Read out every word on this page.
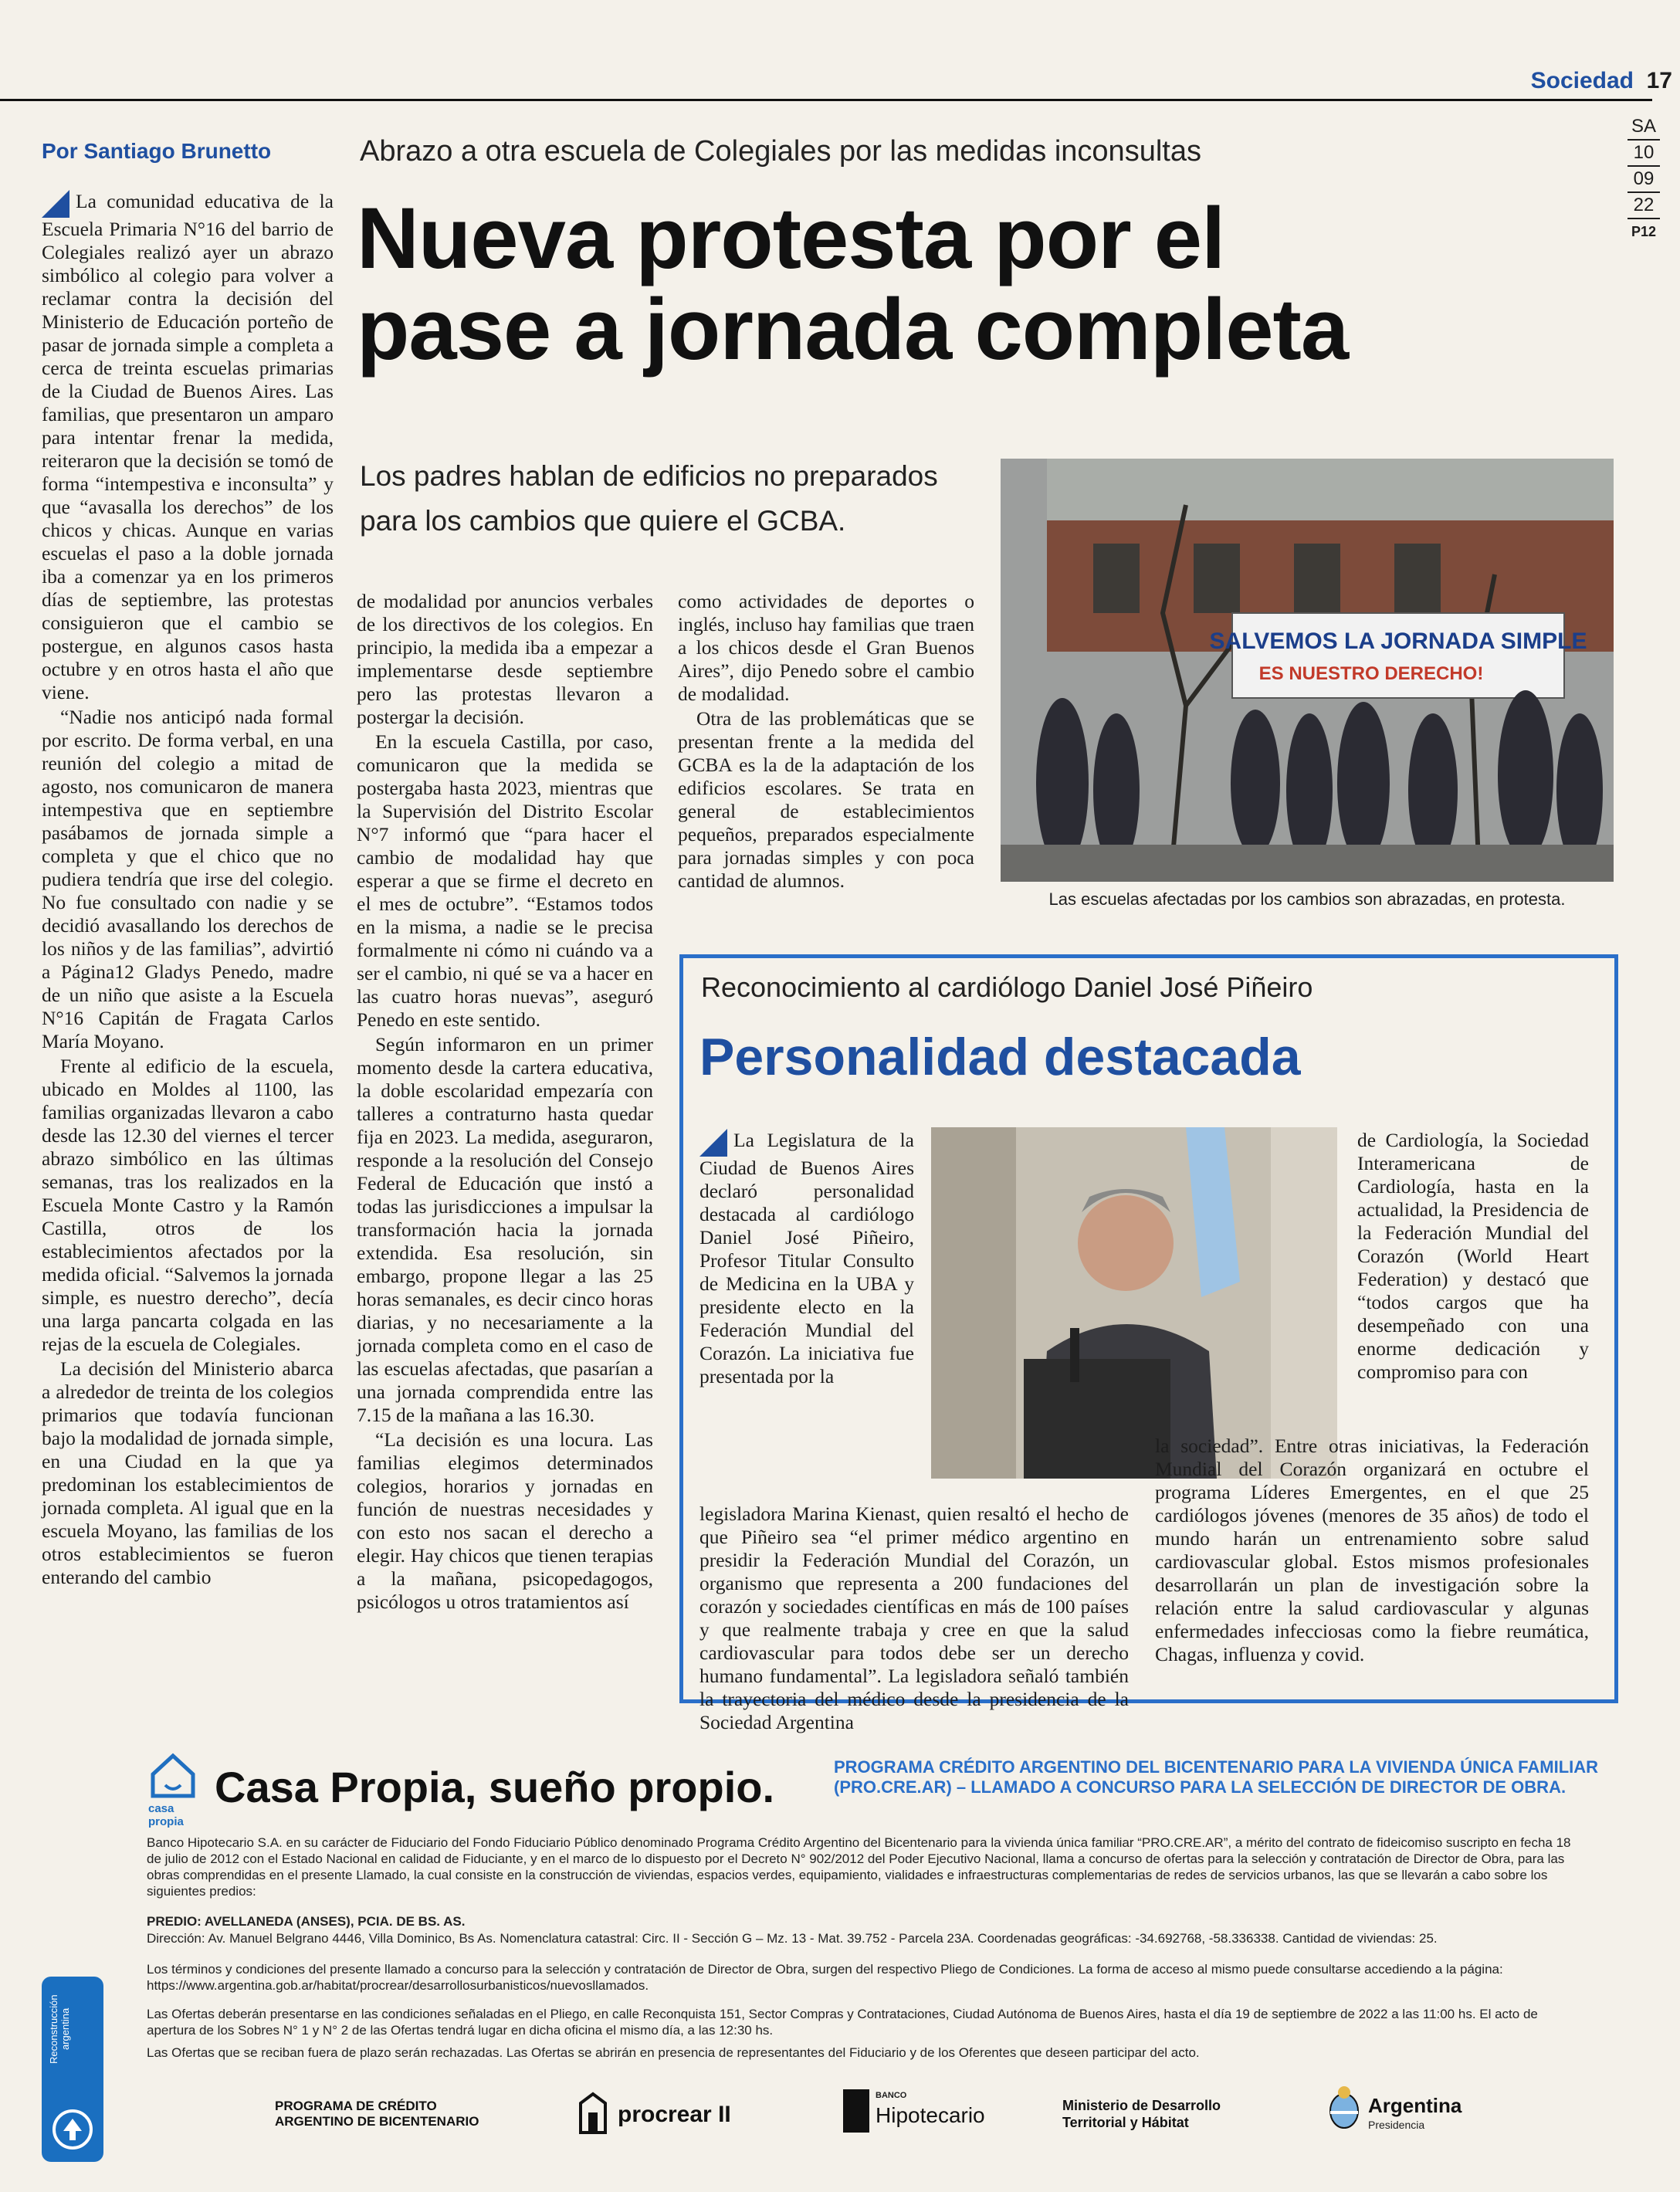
Sociedad 17
SA
10
09
22
P12
Por Santiago Brunetto	Abrazo a otra escuela de Colegiales por las medidas inconsultas
Nueva protesta por el
pase a jornada completa
Los padres hablan de edificios no preparados
para los cambios que quiere el GCBA.

La comunidad educativa de la Escuela Primaria N°16 del barrio de Colegiales realizó ayer un abrazo simbólico al colegio para volver a reclamar contra la decisión del Ministerio de Educación porteño de pasar de jornada simple a completa a cerca de treinta escuelas primarias de la Ciudad de Buenos Aires. Las familias, que presentaron un amparo para intentar frenar la medida, reiteraron que la decisión se tomó de forma “intempestiva e inconsulta” y que “avasalla los derechos” de los chicos y chicas. Aunque en varias escuelas el paso a la doble jornada iba a comenzar ya en los primeros días de septiembre, las protestas consiguieron que el cambio se postergue, en algunos casos hasta octubre y en otros hasta el año que viene.

“Nadie nos anticipó nada formal por escrito. De forma verbal, en una reunión del colegio a mitad de agosto, nos comunicaron de manera intempestiva que en septiembre pasábamos de jornada simple a completa y que el chico que no pudiera tendría que irse del colegio. No fue consultado con nadie y se decidió avasallando los derechos de los niños y de las familias”, advirtió a Página12 Gladys Penedo, madre de un niño que asiste a la Escuela N°16 Capitán de Fragata Carlos María Moyano.

Frente al edificio de la escuela, ubicado en Moldes al 1100, las familias organizadas llevaron a cabo desde las 12.30 del viernes el tercer abrazo simbólico en las últimas semanas, tras los realizados en la Escuela Monte Castro y la Ramón Castilla, otros de los establecimientos afectados por la medida oficial. “Salvemos la jornada simple, es nuestro derecho”, decía una larga pancarta colgada en las rejas de la escuela de Colegiales.

La decisión del Ministerio abarca a alrededor de treinta de los colegios primarios que todavía funcionan bajo la modalidad de jornada simple, en una Ciudad en la que ya predominan los establecimientos de jornada completa. Al igual que en la escuela Moyano, las familias de los otros establecimientos se fueron enterando del cambio

de modalidad por anuncios verbales de los directivos de los colegios. En principio, la medida iba a empezar a implementarse desde septiembre pero las protestas llevaron a postergar la decisión.

En la escuela Castilla, por caso, comunicaron que la medida se postergaba hasta 2023, mientras que la Supervisión del Distrito Escolar N°7 informó que “para hacer el cambio de modalidad hay que esperar a que se firme el decreto en el mes de octubre”. “Estamos todos en la misma, a nadie se le precisa formalmente ni cómo ni cuándo va a ser el cambio, ni qué se va a hacer en las cuatro horas nuevas”, aseguró Penedo en este sentido.

Según informaron en un primer momento desde la cartera educativa, la doble escolaridad empezaría con talleres a contraturno hasta quedar fija en 2023. La medida, aseguraron, responde a la resolución del Consejo Federal de Educación que instó a todas las jurisdicciones a impulsar la transformación hacia la jornada extendida. Esa resolución, sin embargo, propone llegar a las 25 horas semanales, es decir cinco horas diarias, y no necesariamente a la jornada completa como en el caso de las escuelas afectadas, que pasarían a una jornada comprendida entre las 7.15 de la mañana a las 16.30.

“La decisión es una locura. Las familias elegimos determinados colegios, horarios y jornadas en función de nuestras necesidades y con esto nos sacan el derecho a elegir. Hay chicos que tienen terapias a la mañana, psicopedagogos, psicólogos u otros tratamientos así

como actividades de deportes o inglés, incluso hay familias que traen a los chicos desde el Gran Buenos Aires”, dijo Penedo sobre el cambio de modalidad.

Otra de las problemáticas que se presentan frente a la medida del GCBA es la de la adaptación de los edificios escolares. Se trata en general de establecimientos pequeños, preparados especialmente para jornadas simples y con poca cantidad de alumnos.

SALVEMOS LA JORNADA SIMPLE
ES NUESTRO DERECHO!
Las escuelas afectadas por los cambios son abrazadas, en protesta.
Reconocimiento al cardiólogo Daniel José Piñeiro
Personalidad destacada

La Legislatura de la Ciudad de Buenos Aires declaró personalidad destacada al cardiólogo Daniel José Piñeiro, Profesor Titular Consulto de Medicina en la UBA y presidente electo en la Federación Mundial del Corazón. La iniciativa fue presentada por la

de Cardiología, la Sociedad Interamericana de Cardiología, hasta en la actualidad, la Presidencia de la Federación Mundial del Corazón (World Heart Federation) y destacó que “todos cargos que ha desempeñado con una enorme dedicación y compromiso para con

legisladora Marina Kienast, quien resaltó el hecho de que Piñeiro sea “el primer médico argentino en presidir la Federación Mundial del Corazón, un organismo que representa a 200 fundaciones del corazón y sociedades científicas en más de 100 países y que realmente trabaja y cree en que la salud cardiovascular para todos debe ser un derecho humano fundamental”. La legisladora señaló también la trayectoria del médico desde la presidencia de la Sociedad Argentina

la sociedad”. Entre otras iniciativas, la Federación Mundial del Corazón organizará en octubre el programa Líderes Emergentes, en el que 25 cardiólogos jóvenes (menores de 35 años) de todo el mundo harán un entrenamiento sobre salud cardiovascular global. Estos mismos profesionales desarrollarán un plan de investigación sobre la relación entre la salud cardiovascular y algunas enfermedades infecciosas como la fiebre reumática, Chagas, influenza y covid.

casa propia
Casa Propia, sueño propio.	PROGRAMA CRÉDITO ARGENTINO DEL BICENTENARIO PARA LA VIVIENDA ÚNICA FAMILIAR (PRO.CRE.AR) – LLAMADO A CONCURSO PARA LA SELECCIÓN DE DIRECTOR DE OBRA.
Banco Hipotecario S.A. en su carácter de Fiduciario del Fondo Fiduciario Público denominado Programa Crédito Argentino del Bicentenario para la vivienda única familiar “PRO.CRE.AR”, a mérito del contrato de fideicomiso suscripto en fecha 18 de julio de 2012 con el Estado Nacional en calidad de Fiduciante, y en el marco de lo dispuesto por el Decreto N° 902/2012 del Poder Ejecutivo Nacional, llama a concurso de ofertas para la selección y contratación de Director de Obra, para las obras comprendidas en el presente Llamado, la cual consiste en la construcción de viviendas, espacios verdes, equipamiento, vialidades e infraestructuras complementarias de redes de servicios urbanos, las que se llevarán a cabo sobre los siguientes predios:
PREDIO: AVELLANEDA (ANSES), PCIA. DE BS. AS.
Dirección: Av. Manuel Belgrano 4446, Villa Dominico, Bs As. Nomenclatura catastral: Circ. II - Sección G – Mz. 13 - Mat. 39.752 - Parcela 23A. Coordenadas geográficas: -34.692768, -58.336338. Cantidad de viviendas: 25.
Los términos y condiciones del presente llamado a concurso para la selección y contratación de Director de Obra, surgen del respectivo Pliego de Condiciones. La forma de acceso al mismo puede consultarse accediendo a la página: https://www.argentina.gob.ar/habitat/procrear/desarrollosurbanisticos/nuevosllamados.
Las Ofertas deberán presentarse en las condiciones señaladas en el Pliego, en calle Reconquista 151, Sector Compras y Contrataciones, Ciudad Autónoma de Buenos Aires, hasta el día 19 de septiembre de 2022 a las 11:00 hs. El acto de apertura de los Sobres N° 1 y N° 2 de las Ofertas tendrá lugar en dicha oficina el mismo día, a las 12:30 hs.
Las Ofertas que se reciban fuera de plazo serán rechazadas. Las Ofertas se abrirán en presencia de representantes del Fiduciario y de los Oferentes que deseen participar del acto.
Reconstrucción argentina
PROGRAMA DE CRÉDITO
ARGENTINO DE BICENTENARIO	procrear II
BANCO
Hipotecario	Ministerio de Desarrollo
Territorial y Hábitat
Argentina
Presidencia
